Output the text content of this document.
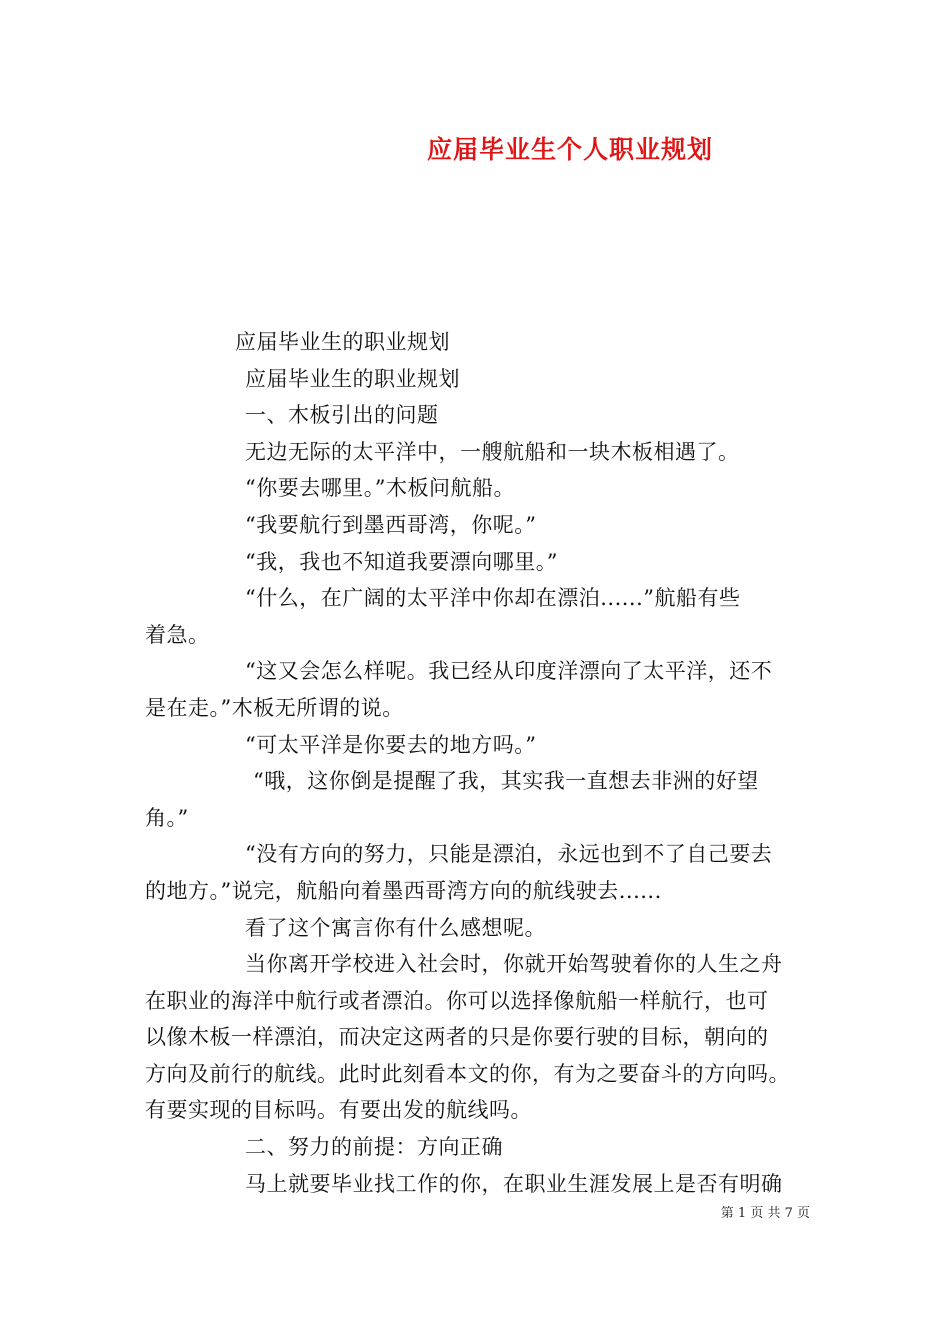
应届毕业生个人职业规划
应届毕业生的职业规划
应届毕业生的职业规划
一、木板引出的问题
无边无际的太平洋中，一艘航船和一块木板相遇了。
“你要去哪里。”木板问航船。
“我要航行到墨西哥湾，你呢。”
“我，我也不知道我要漂向哪里。”
“什么，在广阔的太平洋中你却在漂泊......”航船有些
着急。
“这又会怎么样呢。我已经从印度洋漂向了太平洋，还不
是在走。”木板无所谓的说。
“可太平洋是你要去的地方吗。”
“哦，这你倒是提醒了我，其实我一直想去非洲的好望
角。”
“没有方向的努力，只能是漂泊，永远也到不了自己要去
的地方。”说完，航船向着墨西哥湾方向的航线驶去......
看了这个寓言你有什么感想呢。
当你离开学校进入社会时，你就开始驾驶着你的人生之舟
在职业的海洋中航行或者漂泊。你可以选择像航船一样航行，也可
以像木板一样漂泊，而决定这两者的只是你要行驶的目标，朝向的
方向及前行的航线。此时此刻看本文的你，有为之要奋斗的方向吗。
有要实现的目标吗。有要出发的航线吗。
二、努力的前提：方向正确
马上就要毕业找工作的你，在职业生涯发展上是否有明确
第 1 页 共 7 页
